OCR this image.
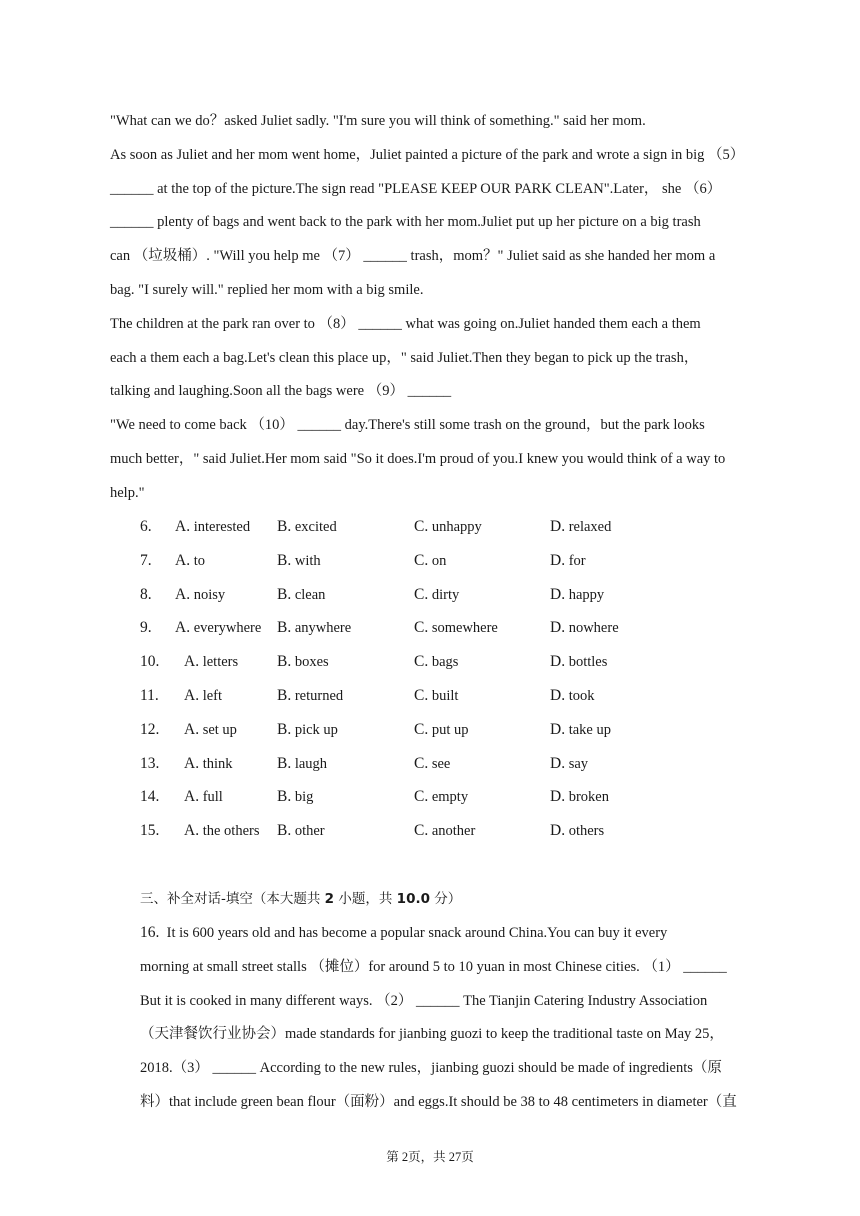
"What can we do？asked Juliet sadly. "I'm sure you will think of something." said her mom.
As soon as Juliet and her mom went home，Juliet painted a picture of the park and wrote a sign in big （5）
______ at the top of the picture.The sign read "PLEASE KEEP OUR PARK CLEAN".Later， she （6）
______ plenty of bags and went back to the park with her mom.Juliet put up her picture on a big trash
can （垃圾桶）. "Will you help me （7） ______ trash，mom？" Juliet said as she handed her mom a
bag. "I surely will." replied her mom with a big smile.
The children at the park ran over to （8） ______ what was going on.Juliet handed them each a them
each a them each a bag.Let's clean this place up，" said Juliet.Then they began to pick up the trash，
talking and laughing.Soon all the bags were （9） ______
"We need to come back （10） ______ day.There's still some trash on the ground，but the park looks
much better，" said Juliet.Her mom said "So it does.I'm proud of you.I knew you would think of a way to
help."
6. A. interested B. excited	C. unhappy	D. relaxed
7. A. to	B. with	C. on	D. for
8. A. noisy	B. clean	C. dirty	D. happy
9. A. everywhere B. anywhere	C. somewhere	D. nowhere
10. A. letters	B. boxes	C. bags	D. bottles
11. A. left	B. returned	C. built	D. took
12. A. set up	B. pick up	C. put up	D. take up
13. A. think	B. laugh	C. see	D. say
14. A. full	B. big	C. empty	D. broken
15. A. the others B. other	C. another	D. others

三、补全对话-填空（本大题共 2 小题，共 10.0 分）

16. It is 600 years old and has become a popular snack around China.You can buy it every
morning at small street stalls （摊位）for around 5 to 10 yuan in most Chinese cities. （1） ______
But it is cooked in many different ways. （2） ______ The Tianjin Catering Industry Association
（天津餐饮行业协会）made standards for jianbing guozi to keep the traditional taste on May 25，
2018.（3） ______ According to the new rules，jianbing guozi should be made of ingredients（原
料）that include green bean flour（面粉）and eggs.It should be 38 to 48 centimeters in diameter（直
第 2页，共 27页
